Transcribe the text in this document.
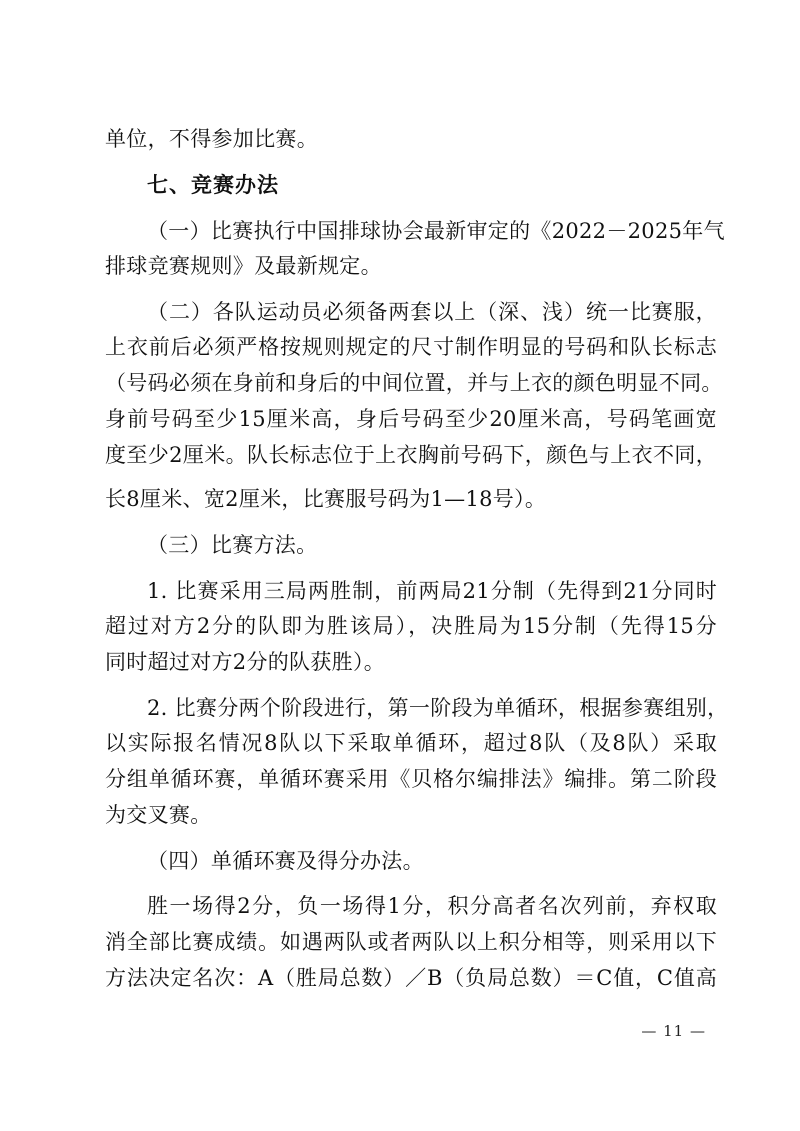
单位，不得参加比赛。
七、竞赛办法
（一）比赛执行中国排球协会最新审定的《2022－2025年气
排球竞赛规则》及最新规定。
（二）各队运动员必须备两套以上（深、浅）统一比赛服，
上衣前后必须严格按规则规定的尺寸制作明显的号码和队长标志
（号码必须在身前和身后的中间位置，并与上衣的颜色明显不同。
身前号码至少15厘米高，身后号码至少20厘米高，号码笔画宽
度至少2厘米。队长标志位于上衣胸前号码下，颜色与上衣不同，
长8厘米、宽2厘米，比赛服号码为1—18号）。
（三）比赛方法。
1. 比赛采用三局两胜制，前两局21分制（先得到21分同时
超过对方2分的队即为胜该局），决胜局为15分制（先得15分
同时超过对方2分的队获胜）。
2. 比赛分两个阶段进行，第一阶段为单循环，根据参赛组别，
以实际报名情况8队以下采取单循环，超过8队（及8队）采取
分组单循环赛，单循环赛采用《贝格尔编排法》编排。第二阶段
为交叉赛。
（四）单循环赛及得分办法。
胜一场得2分，负一场得1分，积分高者名次列前，弃权取
消全部比赛成绩。如遇两队或者两队以上积分相等，则采用以下
方法决定名次：A（胜局总数）／B（负局总数）＝C值，C值高
— 11 —
